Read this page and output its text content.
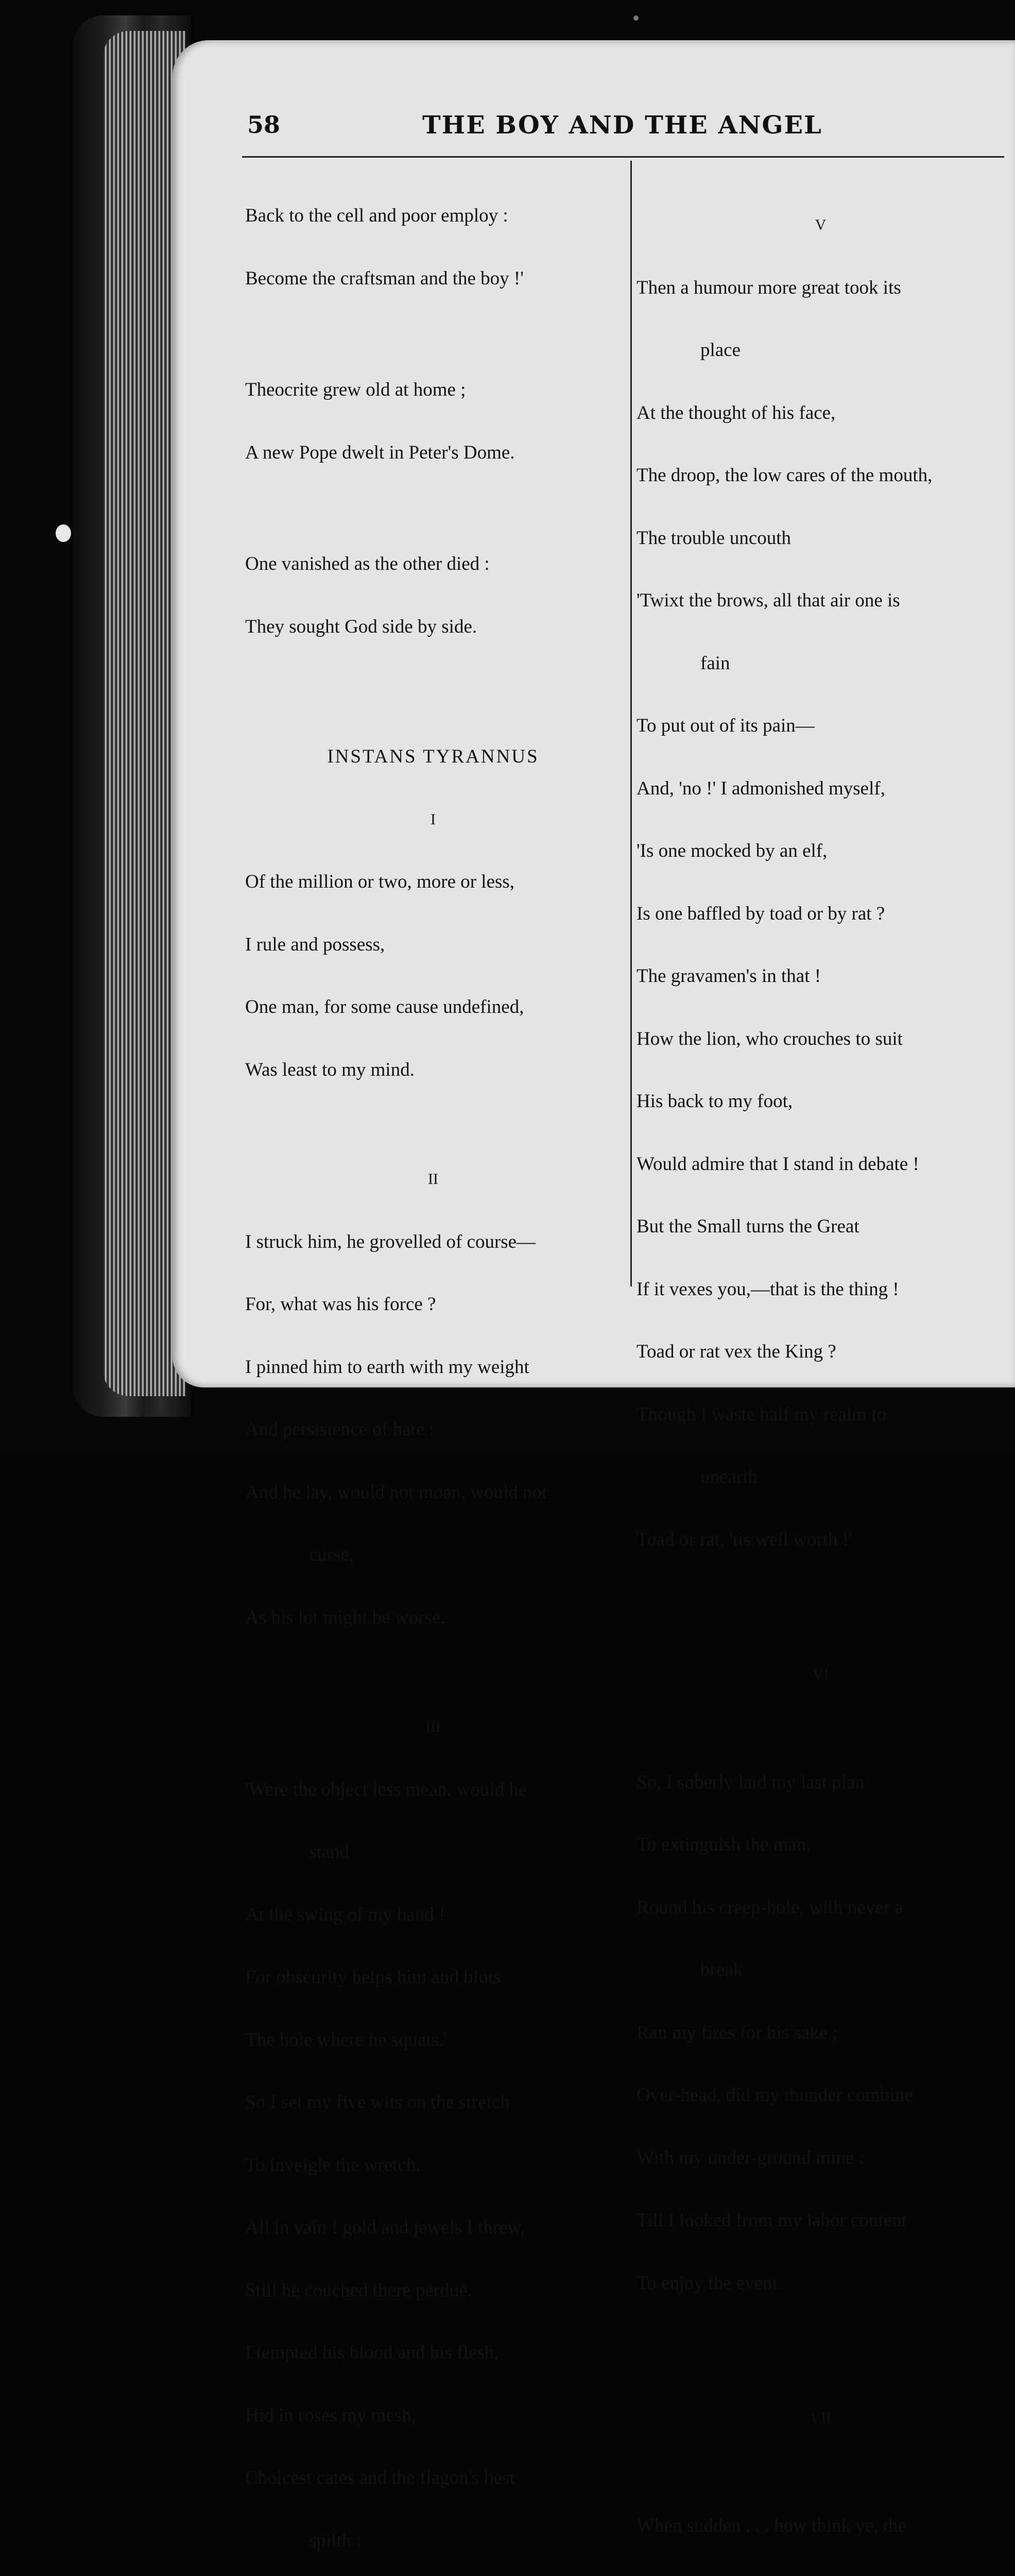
58	THE BOY AND THE ANGEL

Back to the cell and poor employ :

Become the craftsman and the boy !'

Theocrite grew old at home ;

A new Pope dwelt in Peter's Dome.

One vanished as the other died :

They sought God side by side.

INSTANS TYRANNUS

I

Of the million or two, more or less,

I rule and possess,

One man, for some cause undefined,

Was least to my mind.

II

I struck him, he grovelled of course—

For, what was his force ?

I pinned him to earth with my weight

And persistence of hate :

And he lay, would not moan, would not

curse,

As his lot might be worse.

III

'Were the object less mean, would he

stand

At the swing of my hand !

For obscurity helps him and blots

The hole where he squats.'

So I set my five wits on the stretch

To inveigle the wretch.

All in vain ! gold and jewels I threw,

Still he couched there perdue.

I tempted his blood and his flesh,

Hid in roses my mesh,

Choicest cates and the flagon's best

spilth :

V

Then a humour more great took its

place

At the thought of his face,

The droop, the low cares of the mouth,

The trouble uncouth

'Twixt the brows, all that air one is

fain

To put out of its pain—

And, 'no !' I admonished myself,

'Is one mocked by an elf,

Is one baffled by toad or by rat ?

The gravamen's in that !

How the lion, who crouches to suit

His back to my foot,

Would admire that I stand in debate !

But the Small turns the Great

If it vexes you,—that is the thing !

Toad or rat vex the King ?

Though I waste half my realm to

unearth

Toad or rat, 'tis well worth !'

VI

So, I soberly laid my last plan

To extinguish the man.

Round his creep-hole, with never a

break

Ran my fires for his sake ;

Over-head, did my thunder combine

With my under-ground mine :

Till I looked from my labor content

To enjoy the event.

VII

When sudden . . . how think ye, the
